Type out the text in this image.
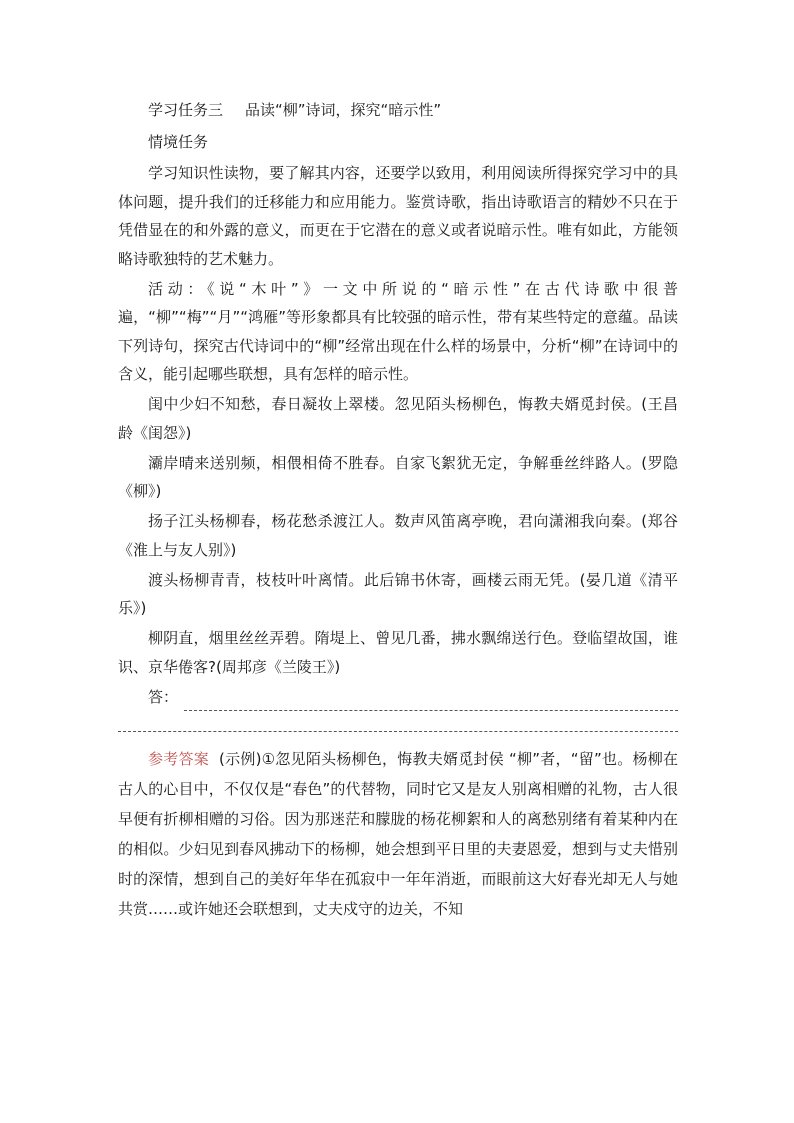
学习任务三 品读“柳”诗词，探究“暗示性”

情境任务

学习知识性读物，要了解其内容，还要学以致用，利用阅读所得探究学习中的具体问题，提升我们的迁移能力和应用能力。鉴赏诗歌，指出诗歌语言的精妙不只在于凭借显在的和外露的意义，而更在于它潜在的意义或者说暗示性。唯有如此，方能领略诗歌独特的艺术魅力。

活动：《说“木叶”》一文中所说的“暗示性”在古代诗歌中很普遍，“柳”“梅”“月”“鸿雁”等形象都具有比较强的暗示性，带有某些特定的意蕴。品读下列诗句，探究古代诗词中的“柳”经常出现在什么样的场景中，分析“柳”在诗词中的含义，能引起哪些联想，具有怎样的暗示性。

闺中少妇不知愁，春日凝妆上翠楼。忽见陌头杨柳色，悔教夫婿觅封侯。(王昌龄《闺怨》)

灞岸晴来送别频，相偎相倚不胜春。自家飞絮犹无定，争解垂丝绊路人。(罗隐《柳》)

扬子江头杨柳春，杨花愁杀渡江人。数声风笛离亭晚，君向潇湘我向秦。(郑谷《淮上与友人别》)

渡头杨柳青青，枝枝叶叶离情。此后锦书休寄，画楼云雨无凭。(晏几道《清平乐》)

柳阴直，烟里丝丝弄碧。隋堤上、曾见几番，拂水飘绵送行色。登临望故国，谁识、京华倦客?(周邦彦《兰陵王》)

答：

参考答案 (示例)①忽见陌头杨柳色，悔教夫婿觅封侯 “柳”者，“留”也。杨柳在古人的心目中，不仅仅是“春色”的代替物，同时它又是友人别离相赠的礼物，古人很早便有折柳相赠的习俗。因为那迷茫和朦胧的杨花柳絮和人的离愁别绪有着某种内在的相似。少妇见到春风拂动下的杨柳，她会想到平日里的夫妻恩爱，想到与丈夫惜别时的深情，想到自己的美好年华在孤寂中一年年消逝，而眼前这大好春光却无人与她共赏……或许她还会联想到，丈夫戍守的边关，不知
